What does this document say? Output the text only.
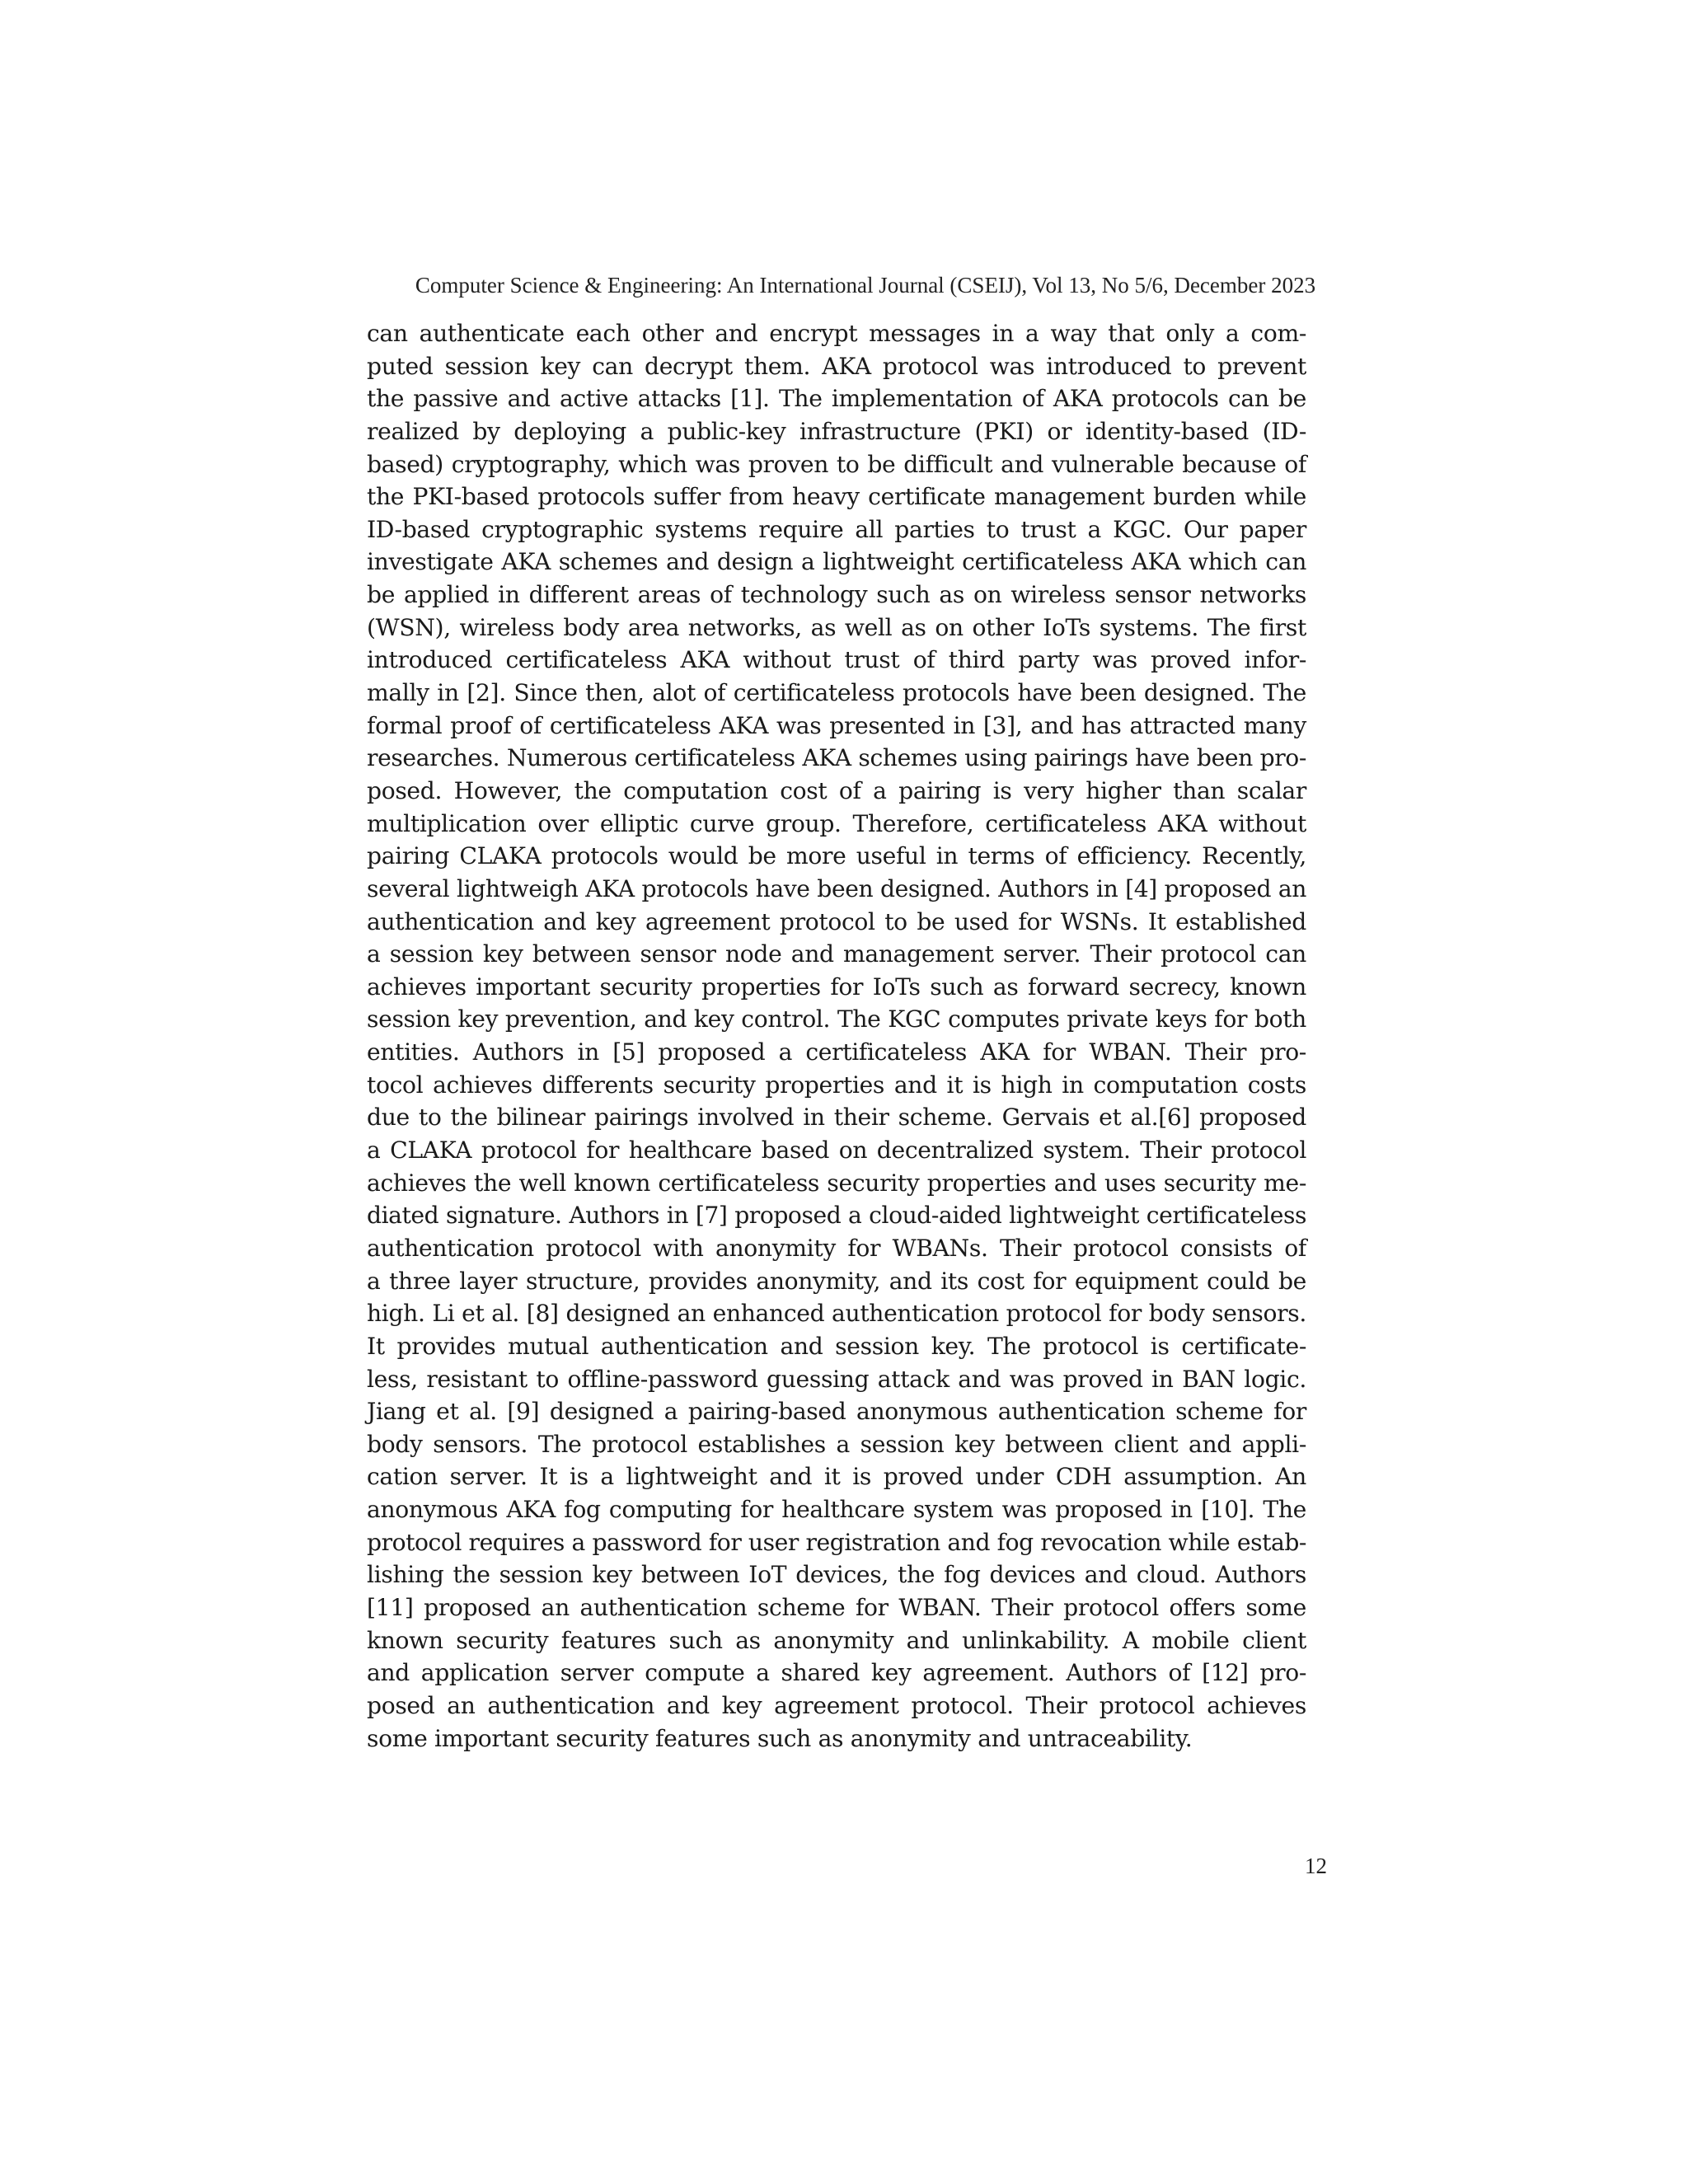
Computer Science & Engineering: An International Journal (CSEIJ), Vol 13, No 5/6, December 2023
can authenticate each other and encrypt messages in a way that only a com-
puted session key can decrypt them. AKA protocol was introduced to prevent
the passive and active attacks [1]. The implementation of AKA protocols can be
realized by deploying a public-key infrastructure (PKI) or identity-based (ID-
based) cryptography, which was proven to be difficult and vulnerable because of
the PKI-based protocols suffer from heavy certificate management burden while
ID-based cryptographic systems require all parties to trust a KGC. Our paper
investigate AKA schemes and design a lightweight certificateless AKA which can
be applied in different areas of technology such as on wireless sensor networks
(WSN), wireless body area networks, as well as on other IoTs systems. The first
introduced certificateless AKA without trust of third party was proved infor-
mally in [2]. Since then, alot of certificateless protocols have been designed. The
formal proof of certificateless AKA was presented in [3], and has attracted many
researches. Numerous certificateless AKA schemes using pairings have been pro-
posed. However, the computation cost of a pairing is very higher than scalar
multiplication over elliptic curve group. Therefore, certificateless AKA without
pairing CLAKA protocols would be more useful in terms of efficiency. Recently,
several lightweigh AKA protocols have been designed. Authors in [4] proposed an
authentication and key agreement protocol to be used for WSNs. It established
a session key between sensor node and management server. Their protocol can
achieves important security properties for IoTs such as forward secrecy, known
session key prevention, and key control. The KGC computes private keys for both
entities. Authors in [5] proposed a certificateless AKA for WBAN. Their pro-
tocol achieves differents security properties and it is high in computation costs
due to the bilinear pairings involved in their scheme. Gervais et al.[6] proposed
a CLAKA protocol for healthcare based on decentralized system. Their protocol
achieves the well known certificateless security properties and uses security me-
diated signature. Authors in [7] proposed a cloud-aided lightweight certificateless
authentication protocol with anonymity for WBANs. Their protocol consists of
a three layer structure, provides anonymity, and its cost for equipment could be
high. Li et al. [8] designed an enhanced authentication protocol for body sensors.
It provides mutual authentication and session key. The protocol is certificate-
less, resistant to offline-password guessing attack and was proved in BAN logic.
Jiang et al. [9] designed a pairing-based anonymous authentication scheme for
body sensors. The protocol establishes a session key between client and appli-
cation server. It is a lightweight and it is proved under CDH assumption. An
anonymous AKA fog computing for healthcare system was proposed in [10]. The
protocol requires a password for user registration and fog revocation while estab-
lishing the session key between IoT devices, the fog devices and cloud. Authors
[11] proposed an authentication scheme for WBAN. Their protocol offers some
known security features such as anonymity and unlinkability. A mobile client
and application server compute a shared key agreement. Authors of [12] pro-
posed an authentication and key agreement protocol. Their protocol achieves
some important security features such as anonymity and untraceability.
12
